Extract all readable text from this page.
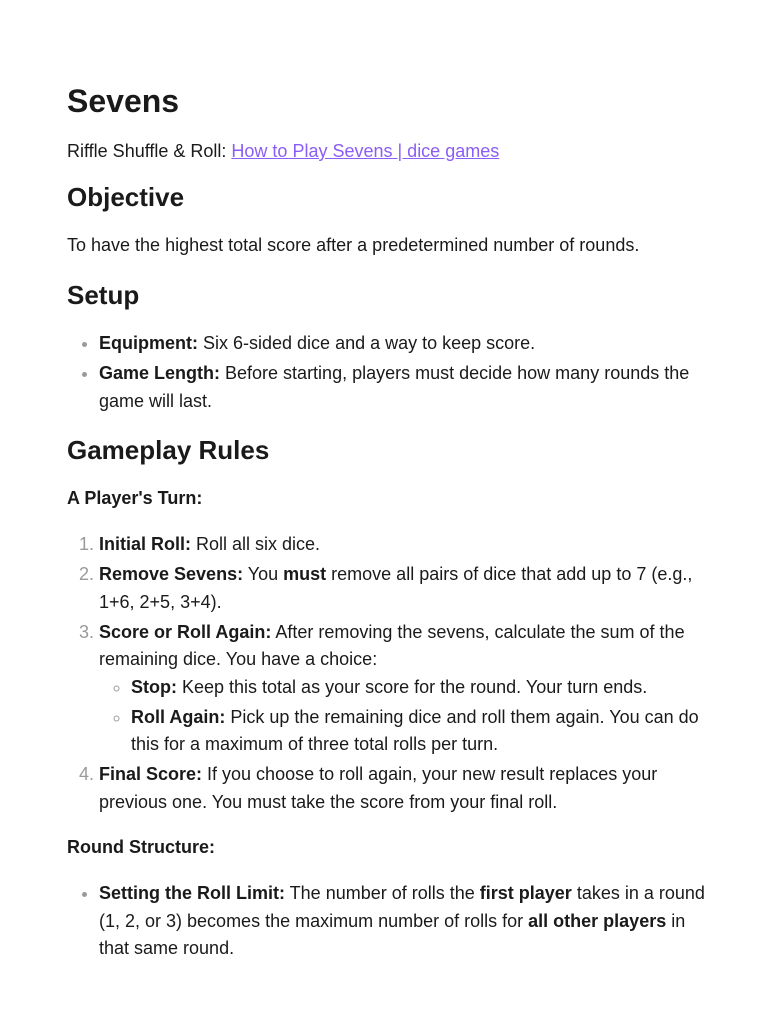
Sevens
Riffle Shuffle & Roll: How to Play Sevens | dice games
Objective

To have the highest total score after a predetermined number of rounds.

Setup
• Equipment: Six 6-sided dice and a way to keep score.
• Game Length: Before starting, players must decide how many rounds the game will last.
Gameplay Rules
A Player's Turn:
1. Initial Roll: Roll all six dice.
2. Remove Sevens: You must remove all pairs of dice that add up to 7 (e.g., 1+6, 2+5, 3+4).
3. Score or Roll Again: After removing the sevens, calculate the sum of the remaining dice. You have a choice:
◦ Stop: Keep this total as your score for the round. Your turn ends.
◦ Roll Again: Pick up the remaining dice and roll them again. You can do this for a maximum of three total rolls per turn.
4. Final Score: If you choose to roll again, your new result replaces your previous one. You must take the score from your final roll.
Round Structure:
• Setting the Roll Limit: The number of rolls the first player takes in a round (1, 2, or 3) becomes the maximum number of rolls for all other players in that same round.
